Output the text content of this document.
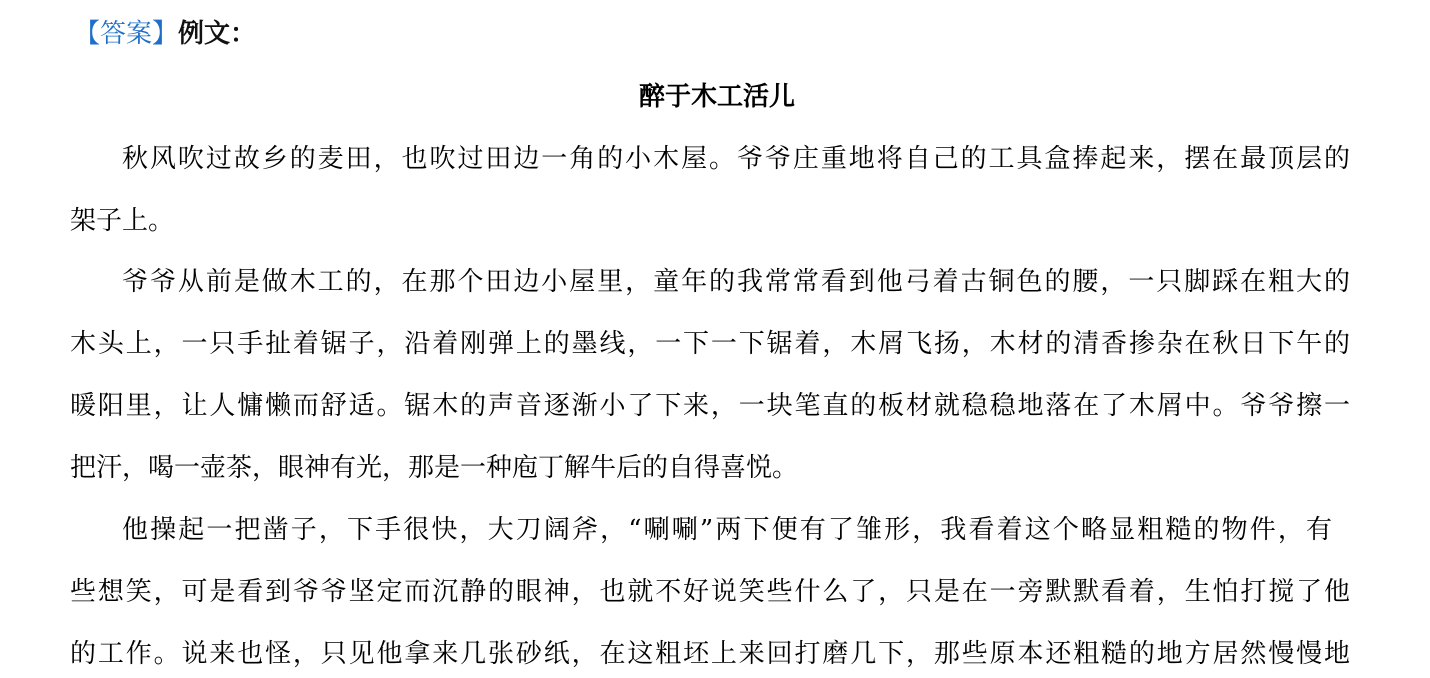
【答案】例文：
醉于木工活儿
秋风吹过故乡的麦田，也吹过田边一角的小木屋。爷爷庄重地将自己的工具盒捧起来，摆在最顶层的
架子上。
爷爷从前是做木工的，在那个田边小屋里，童年的我常常看到他弓着古铜色的腰，一只脚踩在粗大的
木头上，一只手扯着锯子，沿着刚弹上的墨线，一下一下锯着，木屑飞扬，木材的清香掺杂在秋日下午的
暖阳里，让人慵懒而舒适。锯木的声音逐渐小了下来，一块笔直的板材就稳稳地落在了木屑中。爷爷擦一
把汗，喝一壶茶，眼神有光，那是一种庖丁解牛后的自得喜悦。
他操起一把凿子，下手很快，大刀阔斧，“唰唰”两下便有了雏形，我看着这个略显粗糙的物件，有
些想笑，可是看到爷爷坚定而沉静的眼神，也就不好说笑些什么了，只是在一旁默默看着，生怕打搅了他
的工作。说来也怪，只见他拿来几张砂纸，在这粗坯上来回打磨几下，那些原本还粗糙的地方居然慢慢地
